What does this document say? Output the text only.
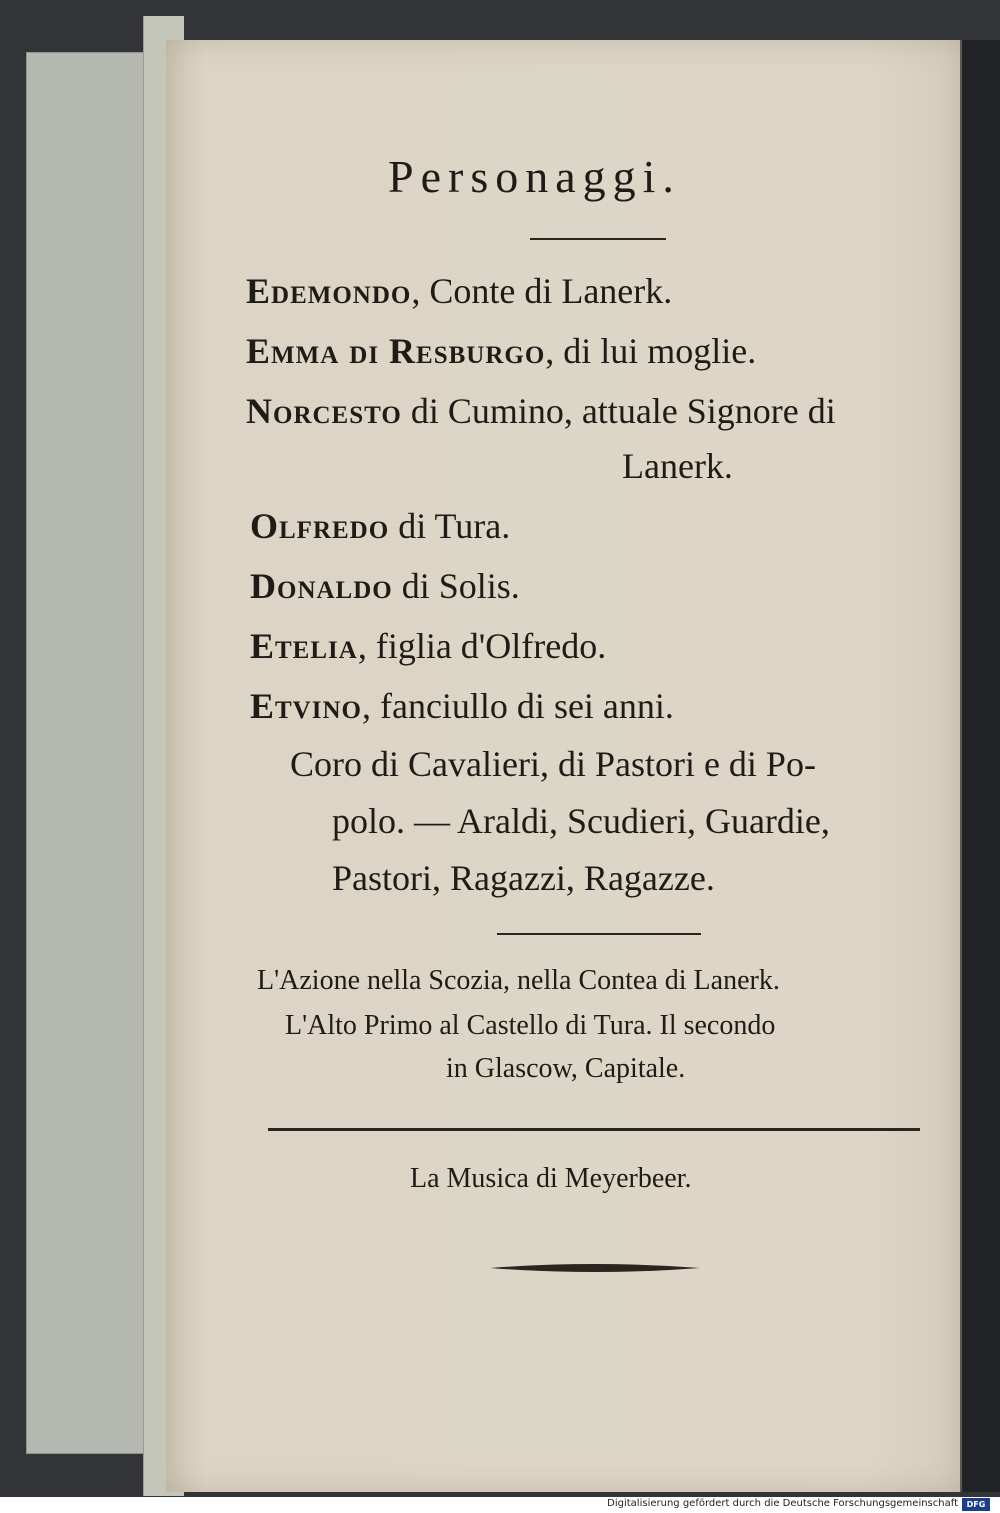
Personaggi.
Edemondo, Conte di Lanerk.
Emma di Resburgo, di lui moglie.
Norcesto di Cumino, attuale Signore di
Lanerk.
Olfredo di Tura.
Donaldo di Solis.
Etelia, figlia d'Olfredo.
Etvino, fanciullo di sei anni.
Coro di Cavalieri, di Pastori e di Po-
polo. — Araldi, Scudieri, Guardie,
Pastori, Ragazzi, Ragazze.
L'Azione nella Scozia, nella Contea di Lanerk.
L'Alto Primo al Castello di Tura. Il secondo
in Glascow, Capitale.
La Musica di Meyerbeer.
Digitalisierung gefördert durch die Deutsche Forschungsgemeinschaft	DFG
